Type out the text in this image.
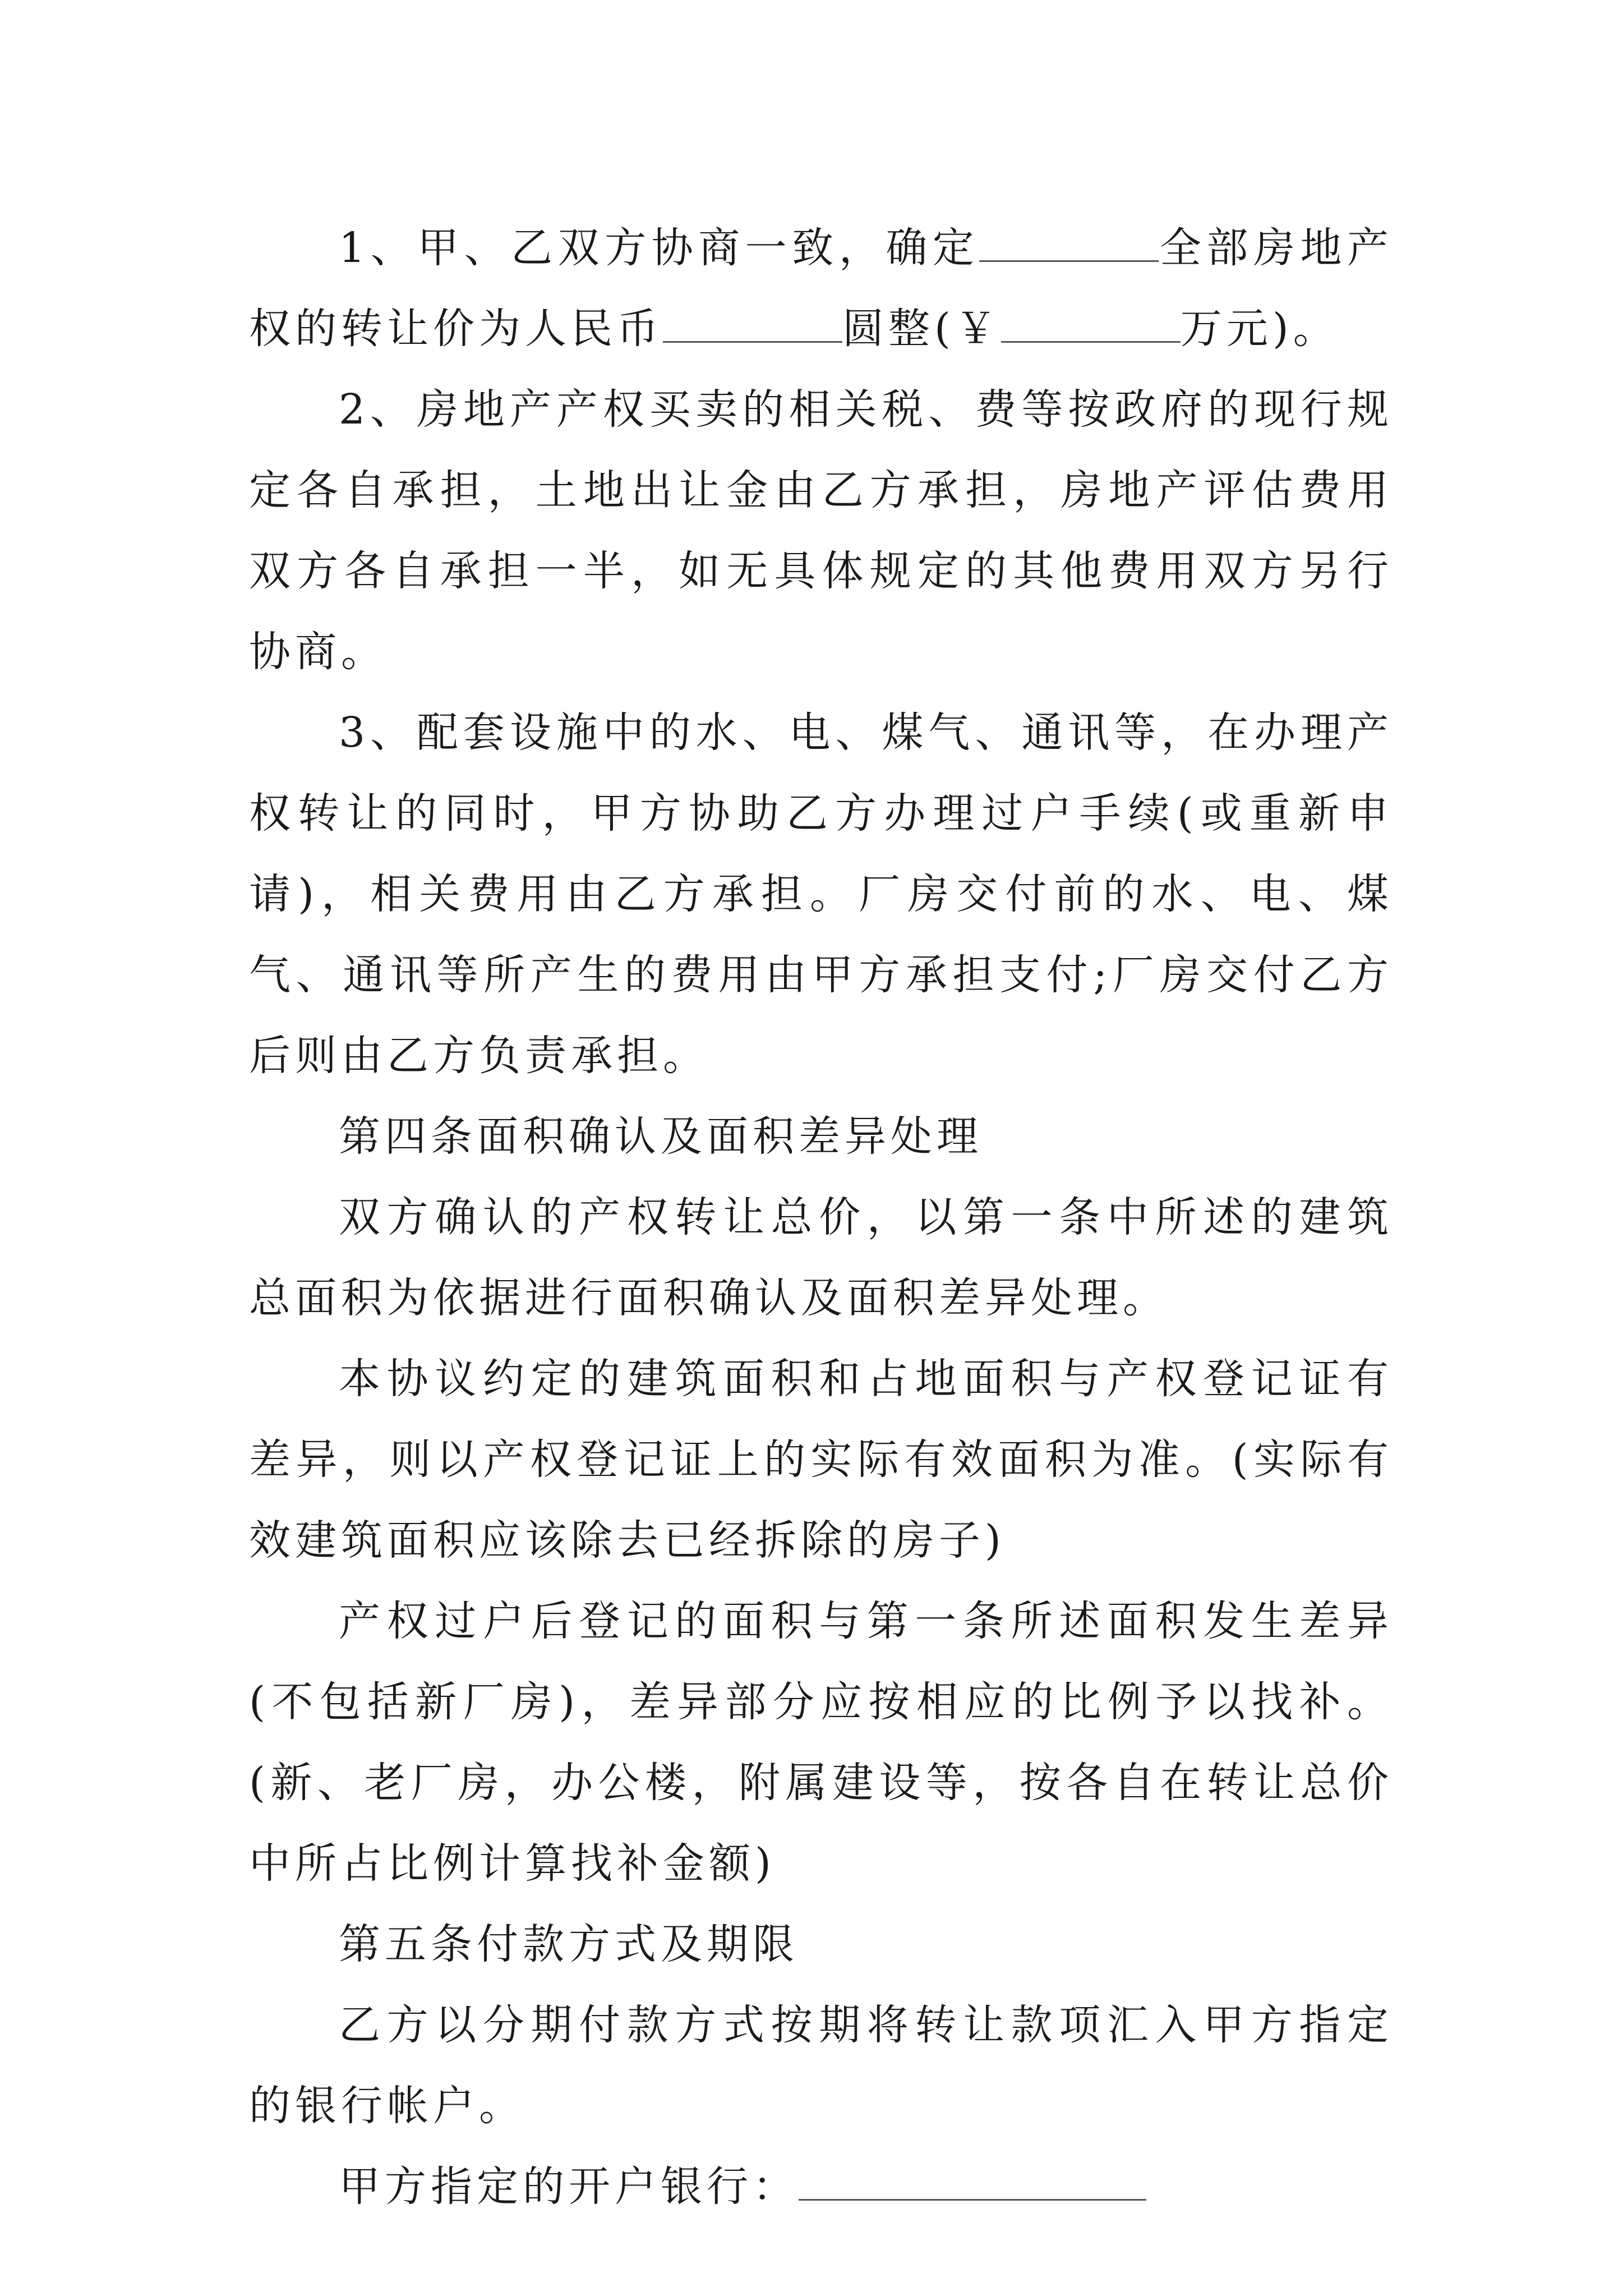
1、甲、乙双方协商一致，确定	全部房地产权的转让价为人民币	圆整(￥	万元)。

2、房地产产权买卖的相关税、费等按政府的现行规定各自承担，土地出让金由乙方承担，房地产评估费用双方各自承担一半，如无具体规定的其他费用双方另行协商。

3、配套设施中的水、电、煤气、通讯等，在办理产权转让的同时，甲方协助乙方办理过户手续(或重新申请)，相关费用由乙方承担。厂房交付前的水、电、煤气、通讯等所产生的费用由甲方承担支付;厂房交付乙方后则由乙方负责承担。

第四条面积确认及面积差异处理

双方确认的产权转让总价，以第一条中所述的建筑总面积为依据进行面积确认及面积差异处理。

本协议约定的建筑面积和占地面积与产权登记证有差异，则以产权登记证上的实际有效面积为准。(实际有效建筑面积应该除去已经拆除的房子)

产权过户后登记的面积与第一条所述面积发生差异(不包括新厂房)，差异部分应按相应的比例予以找补。(新、老厂房，办公楼，附属建设等，按各自在转让总价中所占比例计算找补金额)

第五条付款方式及期限

乙方以分期付款方式按期将转让款项汇入甲方指定的银行帐户。

甲方指定的开户银行：
